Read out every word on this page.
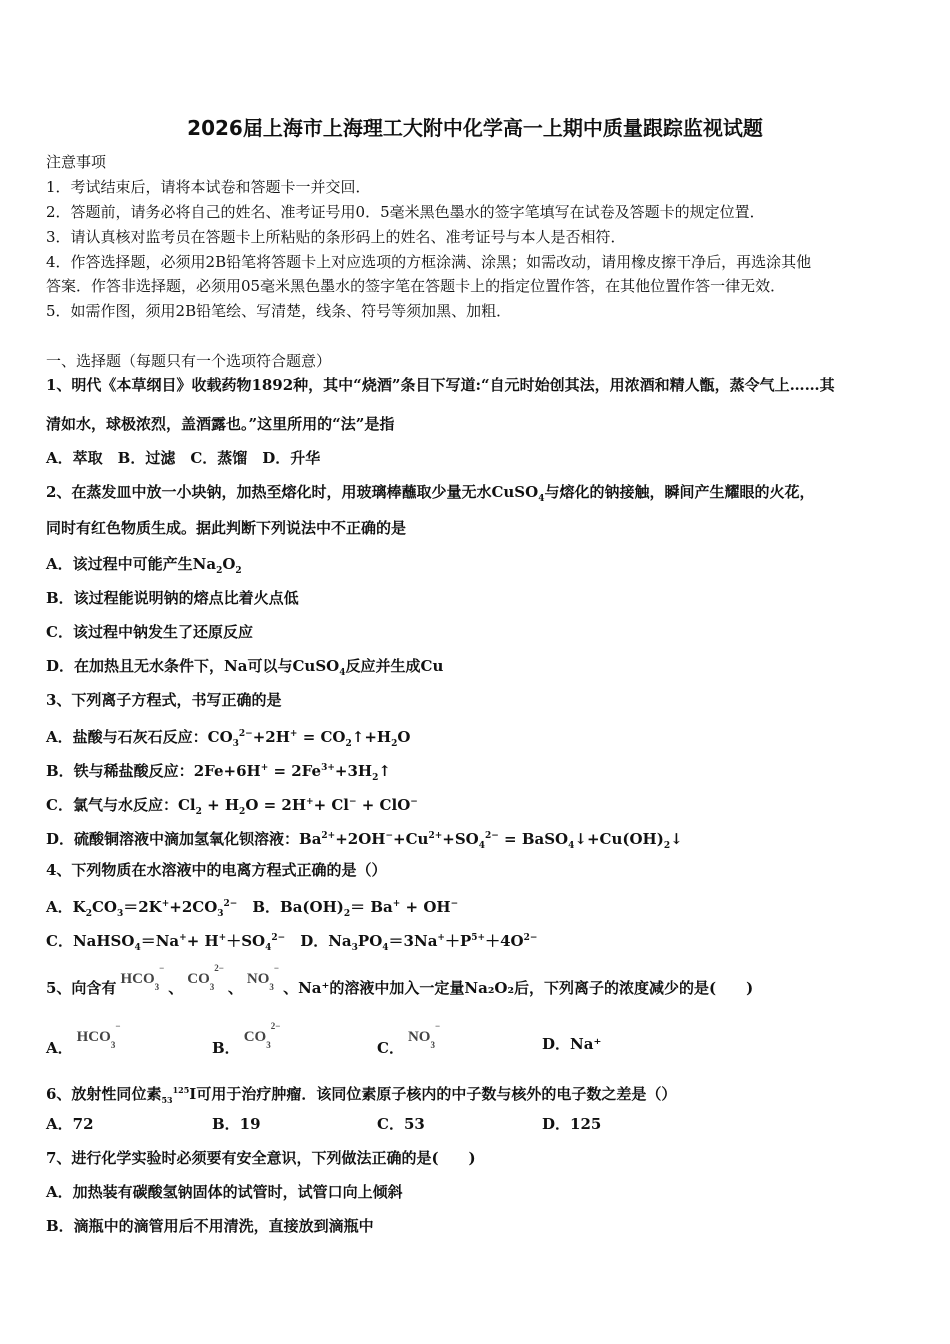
2026届上海市上海理工大附中化学高一上期中质量跟踪监视试题
注意事项
1．考试结束后，请将本试卷和答题卡一并交回．
2．答题前，请务必将自己的姓名、准考证号用0．5毫米黑色墨水的签字笔填写在试卷及答题卡的规定位置．
3．请认真核对监考员在答题卡上所粘贴的条形码上的姓名、准考证号与本人是否相符．
4．作答选择题，必须用2B铅笔将答题卡上对应选项的方框涂满、涂黑；如需改动，请用橡皮擦干净后，再选涂其他
答案．作答非选择题，必须用05毫米黑色墨水的签字笔在答题卡上的指定位置作答，在其他位置作答一律无效．
5．如需作图，须用2B铅笔绘、写清楚，线条、符号等须加黑、加粗．
一、选择题（每题只有一个选项符合题意）
1、明代《本草纲目》收载药物1892种，其中“烧酒”条目下写道:“自元时始创其法，用浓酒和精人甑，蒸令气上……其
清如水，球极浓烈，盖酒露也。”这里所用的“法”是指
A．萃取　B．过滤　C．蒸馏　D．升华
2、在蒸发皿中放一小块钠，加热至熔化时，用玻璃棒蘸取少量无水CuSO$_4$与熔化的钠接触，瞬间产生耀眼的火花，
同时有红色物质生成。据此判断下列说法中不正确的是
A．该过程中可能产生$Na_2O_2$
B．该过程能说明钠的熔点比着火点低
C．该过程中钠发生了还原反应
D．在加热且无水条件下，Na可以与CuSO$_4$反应并生成Cu
3、下列离子方程式，书写正确的是
A．盐酸与石灰石反应：$CO_3^{2-}+2H^+$ = $CO_2↑+H_2O$
B．铁与稀盐酸反应：$2Fe+6H^+ = 2Fe^{3+}+3H_2↑$
C．氯气与水反应：$Cl_2 + H_2O = 2H^++ Cl^- + ClO^-$
D．硫酸铜溶液中滴加氢氧化钡溶液：$Ba^{2+}+2OH^-+Cu^{2+}+SO_4^{2-}$ = $BaSO_4↓+Cu(OH)_2↓$
4、下列物质在水溶液中的电离方程式正确的是（）
A．$K_2CO_3=2K^++2CO_3^{2-}$　B．$Ba(OH)_2= Ba^+ + OH^-$
C．NaHSO$_4$＝Na++ $H^++SO_4^{2-}$　D．$Na_3PO_4=3Na^++P^{5+}+4O^{2-}$
5、向含有 $HCO_3^-$、 $CO_3^{2-}$、 $NO_3^-$、Na⁺的溶液中加入一定量Na₂O₂后，下列离子的浓度减少的是(　　)
A．$HCO_3^-$
B．$CO_3^{2-}$
C．$NO_3^-$
D．Na⁺
6、放射性同位素$_{53}^{125}$I可用于治疗肿瘤．该同位素原子核内的中子数与核外的电子数之差是（）
A．72	B．19	C．53	D．125
7、进行化学实验时必须要有安全意识，下列做法正确的是(　　)
A．加热装有碳酸氢钠固体的试管时，试管口向上倾斜
B．滴瓶中的滴管用后不用清洗，直接放到滴瓶中
